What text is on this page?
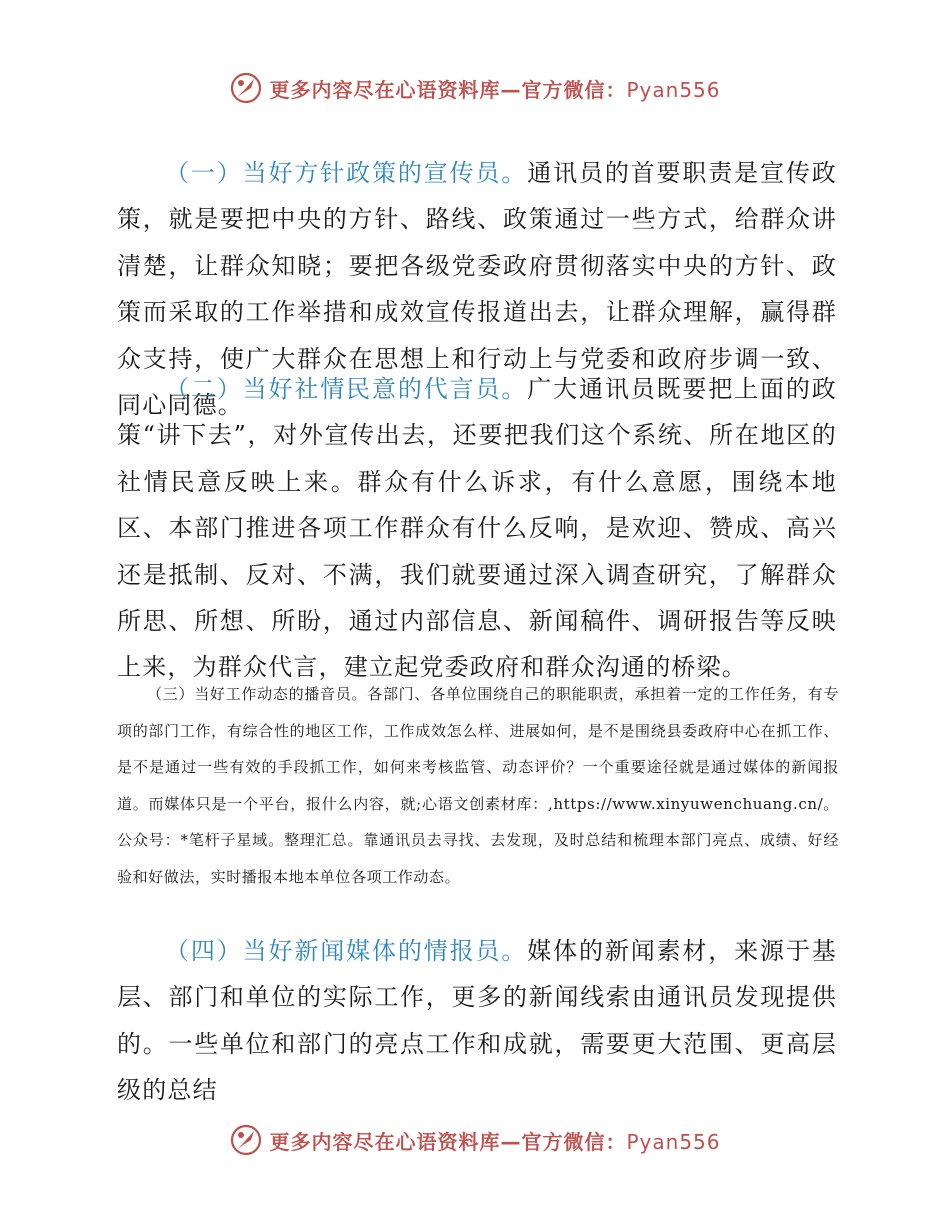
更多内容尽在心语资料库—官方微信：Pyan556

（一）当好方针政策的宣传员。通讯员的首要职责是宣传政策，就是要把中央的方针、路线、政策通过一些方式，给群众讲清楚，让群众知晓；要把各级党委政府贯彻落实中央的方针、政策而采取的工作举措和成效宣传报道出去，让群众理解，赢得群众支持，使广大群众在思想上和行动上与党委和政府步调一致、同心同德。

（二）当好社情民意的代言员。广大通讯员既要把上面的政策“讲下去”，对外宣传出去，还要把我们这个系统、所在地区的社情民意反映上来。群众有什么诉求，有什么意愿，围绕本地区、本部门推进各项工作群众有什么反响，是欢迎、赞成、高兴还是抵制、反对、不满，我们就要通过深入调查研究，了解群众所思、所想、所盼，通过内部信息、新闻稿件、调研报告等反映上来，为群众代言，建立起党委政府和群众沟通的桥梁。

（三）当好工作动态的播音员。各部门、各单位围绕自己的职能职责，承担着一定的工作任务，有专项的部门工作，有综合性的地区工作，工作成效怎么样、进展如何，是不是围绕县委政府中心在抓工作、是不是通过一些有效的手段抓工作，如何来考核监管、动态评价？一个重要途径就是通过媒体的新闻报道。而媒体只是一个平台，报什么内容，就;心语文创素材库：,https://www.xinyuwenchuang.cn/。公众号：*笔杆子星域。整理汇总。靠通讯员去寻找、去发现，及时总结和梳理本部门亮点、成绩、好经验和好做法，实时播报本地本单位各项工作动态。

（四）当好新闻媒体的情报员。媒体的新闻素材，来源于基层、部门和单位的实际工作，更多的新闻线索由通讯员发现提供的。一些单位和部门的亮点工作和成就，需要更大范围、更高层级的总结

更多内容尽在心语资料库—官方微信：Pyan556
